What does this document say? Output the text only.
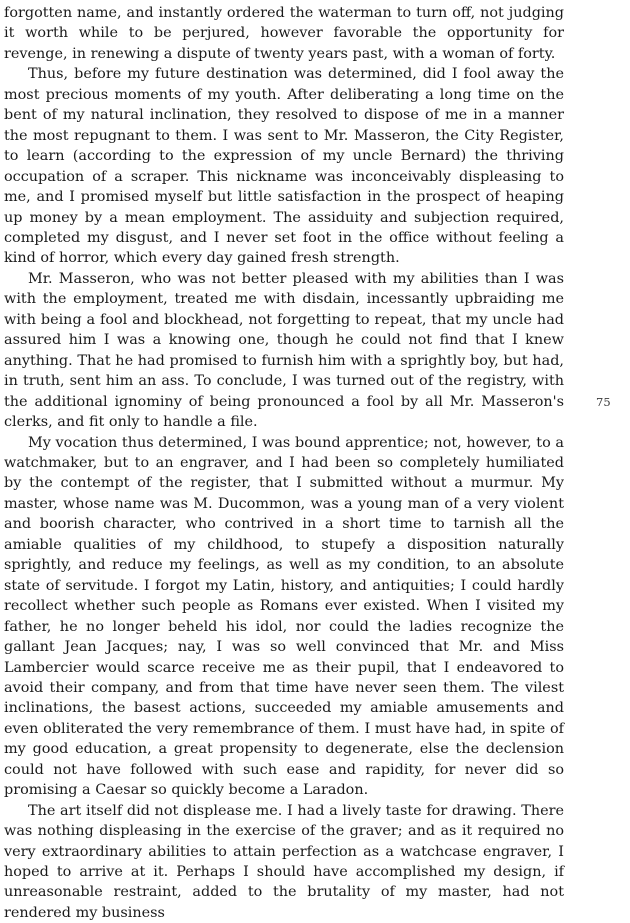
forgotten name, and instantly ordered the waterman to turn off, not judging it worth while to be perjured, however favorable the opportunity for revenge, in renewing a dispute of twenty years past, with a woman of forty.

Thus, before my future destination was determined, did I fool away the most precious moments of my youth. After deliberating a long time on the bent of my natural inclination, they resolved to dispose of me in a manner the most repugnant to them. I was sent to Mr. Masseron, the City Register, to learn (according to the expression of my uncle Bernard) the thriving occupation of a scraper. This nickname was inconceivably displeasing to me, and I promised myself but little satisfaction in the prospect of heaping up money by a mean employment. The assiduity and subjection required, completed my disgust, and I never set foot in the office without feeling a kind of horror, which every day gained fresh strength.

Mr. Masseron, who was not better pleased with my abilities than I was with the employment, treated me with disdain, incessantly upbraiding me with being a fool and blockhead, not forgetting to repeat, that my uncle had assured him I was a knowing one, though he could not find that I knew anything. That he had promised to furnish him with a sprightly boy, but had, in truth, sent him an ass. To conclude, I was turned out of the registry, with the additional ignominy of being pronounced a fool by all Mr. Masseron's clerks, and fit only to handle a file.

My vocation thus determined, I was bound apprentice; not, however, to a watchmaker, but to an engraver, and I had been so completely humiliated by the contempt of the register, that I submitted without a murmur. My master, whose name was M. Ducommon, was a young man of a very violent and boorish character, who contrived in a short time to tarnish all the amiable qualities of my childhood, to stupefy a disposition naturally sprightly, and reduce my feelings, as well as my condition, to an absolute state of servitude. I forgot my Latin, history, and antiquities; I could hardly recollect whether such people as Romans ever existed. When I visited my father, he no longer beheld his idol, nor could the ladies recognize the gallant Jean Jacques; nay, I was so well convinced that Mr. and Miss Lambercier would scarce receive me as their pupil, that I endeavored to avoid their company, and from that time have never seen them. The vilest inclinations, the basest actions, succeeded my amiable amusements and even obliterated the very remembrance of them. I must have had, in spite of my good education, a great propensity to degenerate, else the declension could not have followed with such ease and rapidity, for never did so promising a Caesar so quickly become a Laradon.

The art itself did not displease me. I had a lively taste for drawing. There was nothing displeasing in the exercise of the graver; and as it required no very extraordinary abilities to attain perfection as a watchcase engraver, I hoped to arrive at it. Perhaps I should have accomplished my design, if unreasonable restraint, added to the brutality of my master, had not rendered my business

75
